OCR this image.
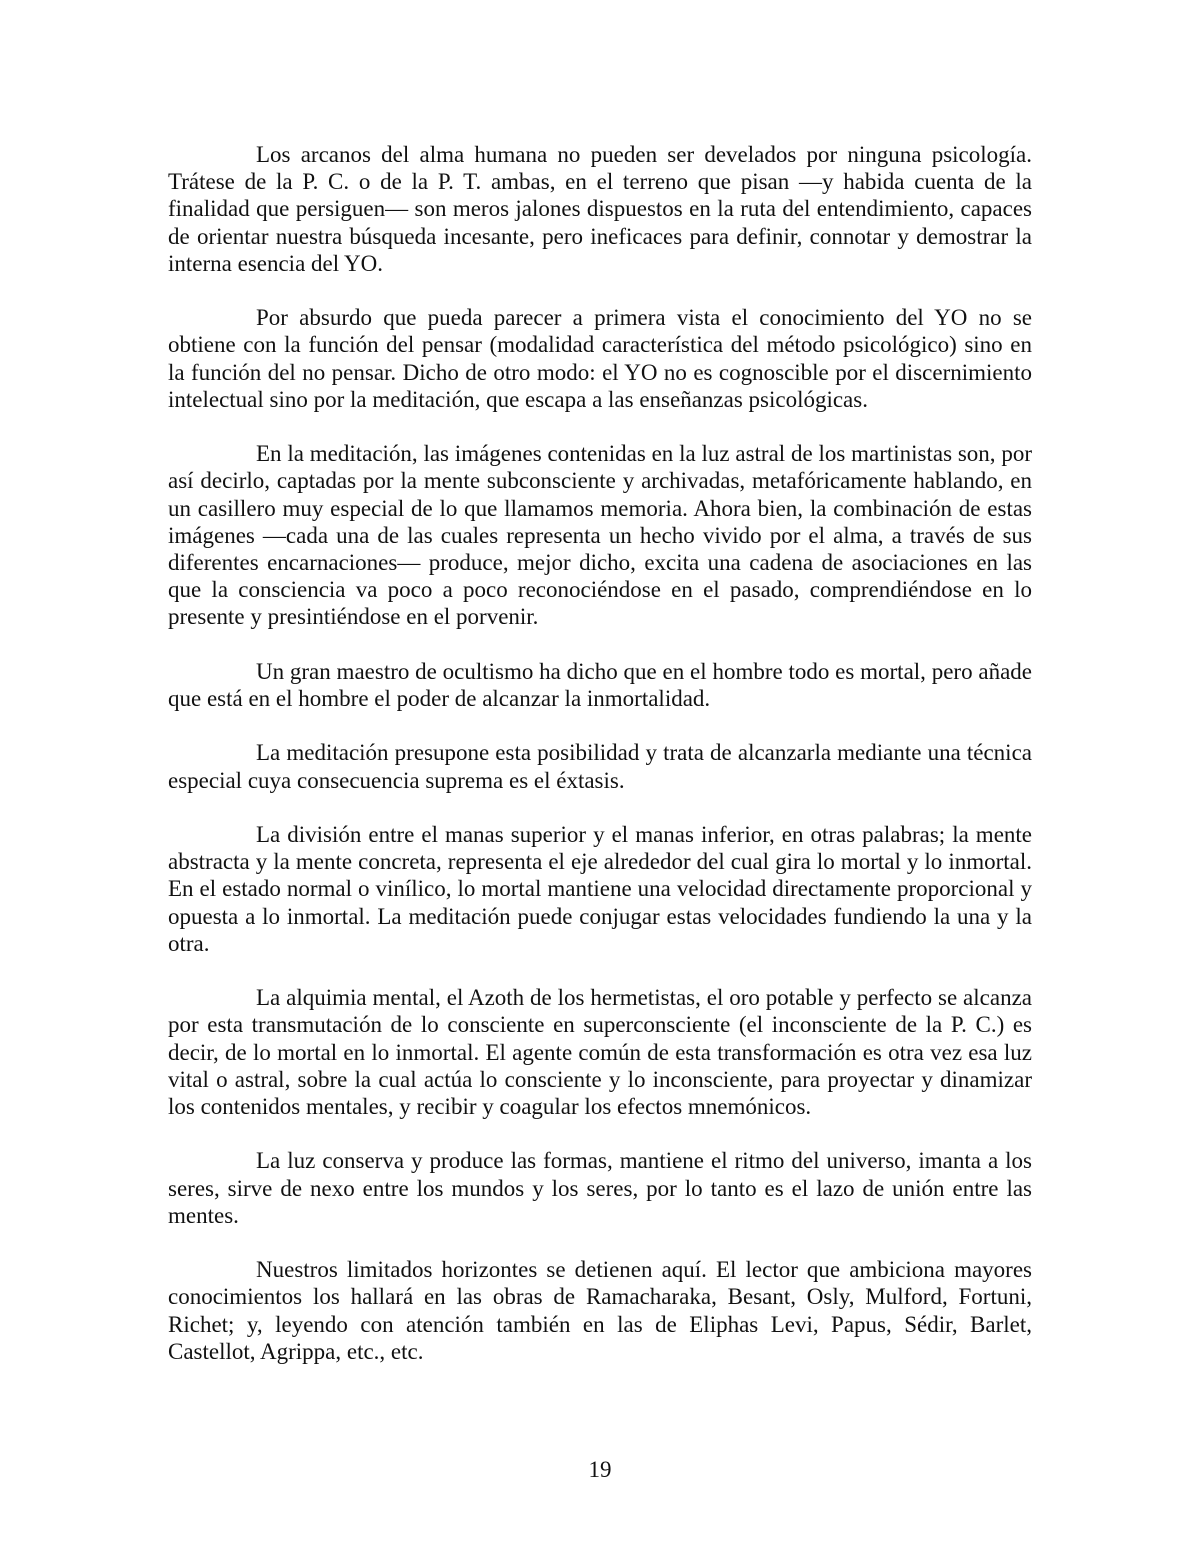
Los arcanos del alma humana no pueden ser develados por ninguna psicología. Trátese de la P. C. o de la P. T. ambas, en el terreno que pisan —y habida cuenta de la finalidad que persiguen— son meros jalones dispuestos en la ruta del entendimiento, capaces de orientar nuestra búsqueda incesante, pero ineficaces para definir, connotar y demostrar la interna esencia del YO.

Por absurdo que pueda parecer a primera vista el conocimiento del YO no se obtiene con la función del pensar (modalidad característica del método psicológico) sino en la función del no pensar. Dicho de otro modo: el YO no es cognoscible por el discernimiento intelectual sino por la meditación, que escapa a las enseñanzas psicológicas.

En la meditación, las imágenes contenidas en la luz astral de los martinistas son, por así decirlo, captadas por la mente subconsciente y archivadas, metafóricamente hablando, en un casillero muy especial de lo que llamamos memoria. Ahora bien, la combinación de estas imágenes —cada una de las cuales representa un hecho vivido por el alma, a través de sus diferentes encarnaciones— produce, mejor dicho, excita una cadena de asociaciones en las que la consciencia va poco a poco reconociéndose en el pasado, comprendiéndose en lo presente y presintiéndose en el porvenir.

Un gran maestro de ocultismo ha dicho que en el hombre todo es mortal, pero añade que está en el hombre el poder de alcanzar la inmortalidad.

La meditación presupone esta posibilidad y trata de alcanzarla mediante una técnica especial cuya consecuencia suprema es el éxtasis.

La división entre el manas superior y el manas inferior, en otras palabras; la mente abstracta y la mente concreta, representa el eje alrededor del cual gira lo mortal y lo inmortal. En el estado normal o vinílico, lo mortal mantiene una velocidad directamente proporcional y opuesta a lo inmortal. La meditación puede conjugar estas velocidades fundiendo la una y la otra.

La alquimia mental, el Azoth de los hermetistas, el oro potable y perfecto se alcanza por esta transmutación de lo consciente en superconsciente (el inconsciente de la P. C.) es decir, de lo mortal en lo inmortal. El agente común de esta transformación es otra vez esa luz vital o astral, sobre la cual actúa lo consciente y lo inconsciente, para proyectar y dinamizar los contenidos mentales, y recibir y coagular los efectos mnemónicos.

La luz conserva y produce las formas, mantiene el ritmo del universo, imanta a los seres, sirve de nexo entre los mundos y los seres, por lo tanto es el lazo de unión entre las mentes.

Nuestros limitados horizontes se detienen aquí. El lector que ambiciona mayores conocimientos los hallará en las obras de Ramacharaka, Besant, Osly, Mulford, Fortuni, Richet; y, leyendo con atención también en las de Eliphas Levi, Papus, Sédir, Barlet, Castellot, Agrippa, etc., etc.

19
